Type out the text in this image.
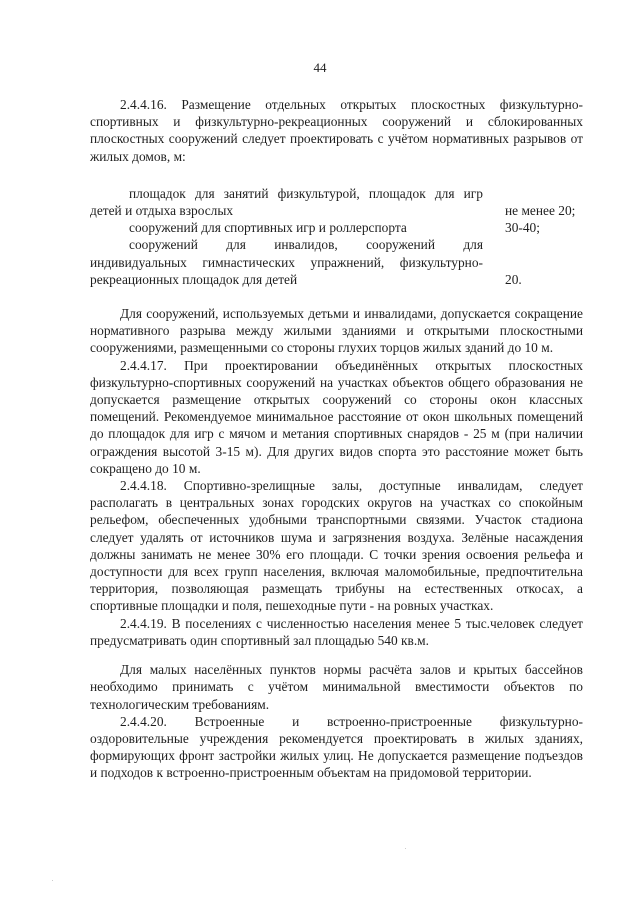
44

2.4.4.16. Размещение отдельных открытых плоскостных физкультурно-спортивных и физкультурно-рекреационных сооружений и сблокированных плоскостных сооружений следует проектировать с учётом нормативных разрывов от жилых домов, м:

площадок для занятий физкультурой, площадок для игр детей и отдыха взрослых	не менее 20;

сооружений для спортивных игр и роллерспорта	30-40;

сооружений для инвалидов, сооружений для индивидуальных гимнастических упражнений, физкультурно-рекреационных площадок для детей	20.

Для сооружений, используемых детьми и инвалидами, допускается сокращение нормативного разрыва между жилыми зданиями и открытыми плоскостными сооружениями, размещенными со стороны глухих торцов жилых зданий до 10 м.

2.4.4.17. При проектировании объединённых открытых плоскостных физкультурно-спортивных сооружений на участках объектов общего образования не допускается размещение открытых сооружений со стороны окон классных помещений. Рекомендуемое минимальное расстояние от окон школьных помещений до площадок для игр с мячом и метания спортивных снарядов - 25 м (при наличии ограждения высотой 3-15 м). Для других видов спорта это расстояние может быть сокращено до 10 м.

2.4.4.18. Спортивно-зрелищные залы, доступные инвалидам, следует располагать в центральных зонах городских округов на участках со спокойным рельефом, обеспеченных удобными транспортными связями. Участок стадиона следует удалять от источников шума и загрязнения воздуха. Зелёные насаждения должны занимать не менее 30% его площади. С точки зрения освоения рельефа и доступности для всех групп населения, включая маломобильные, предпочтительна территория, позволяющая размещать трибуны на естественных откосах, а спортивные площадки и поля, пешеходные пути - на ровных участках.

2.4.4.19. В поселениях с численностью населения менее 5 тыс.человек следует предусматривать один спортивный зал площадью 540 кв.м.

Для малых населённых пунктов нормы расчёта залов и крытых бассейнов необходимо принимать с учётом минимальной вместимости объектов по технологическим требованиям.

2.4.4.20. Встроенные и встроенно-пристроенные физкультурно-оздоровительные учреждения рекомендуется проектировать в жилых зданиях, формирующих фронт застройки жилых улиц. Не допускается размещение подъездов и подходов к встроенно-пристроенным объектам на придомовой территории.
